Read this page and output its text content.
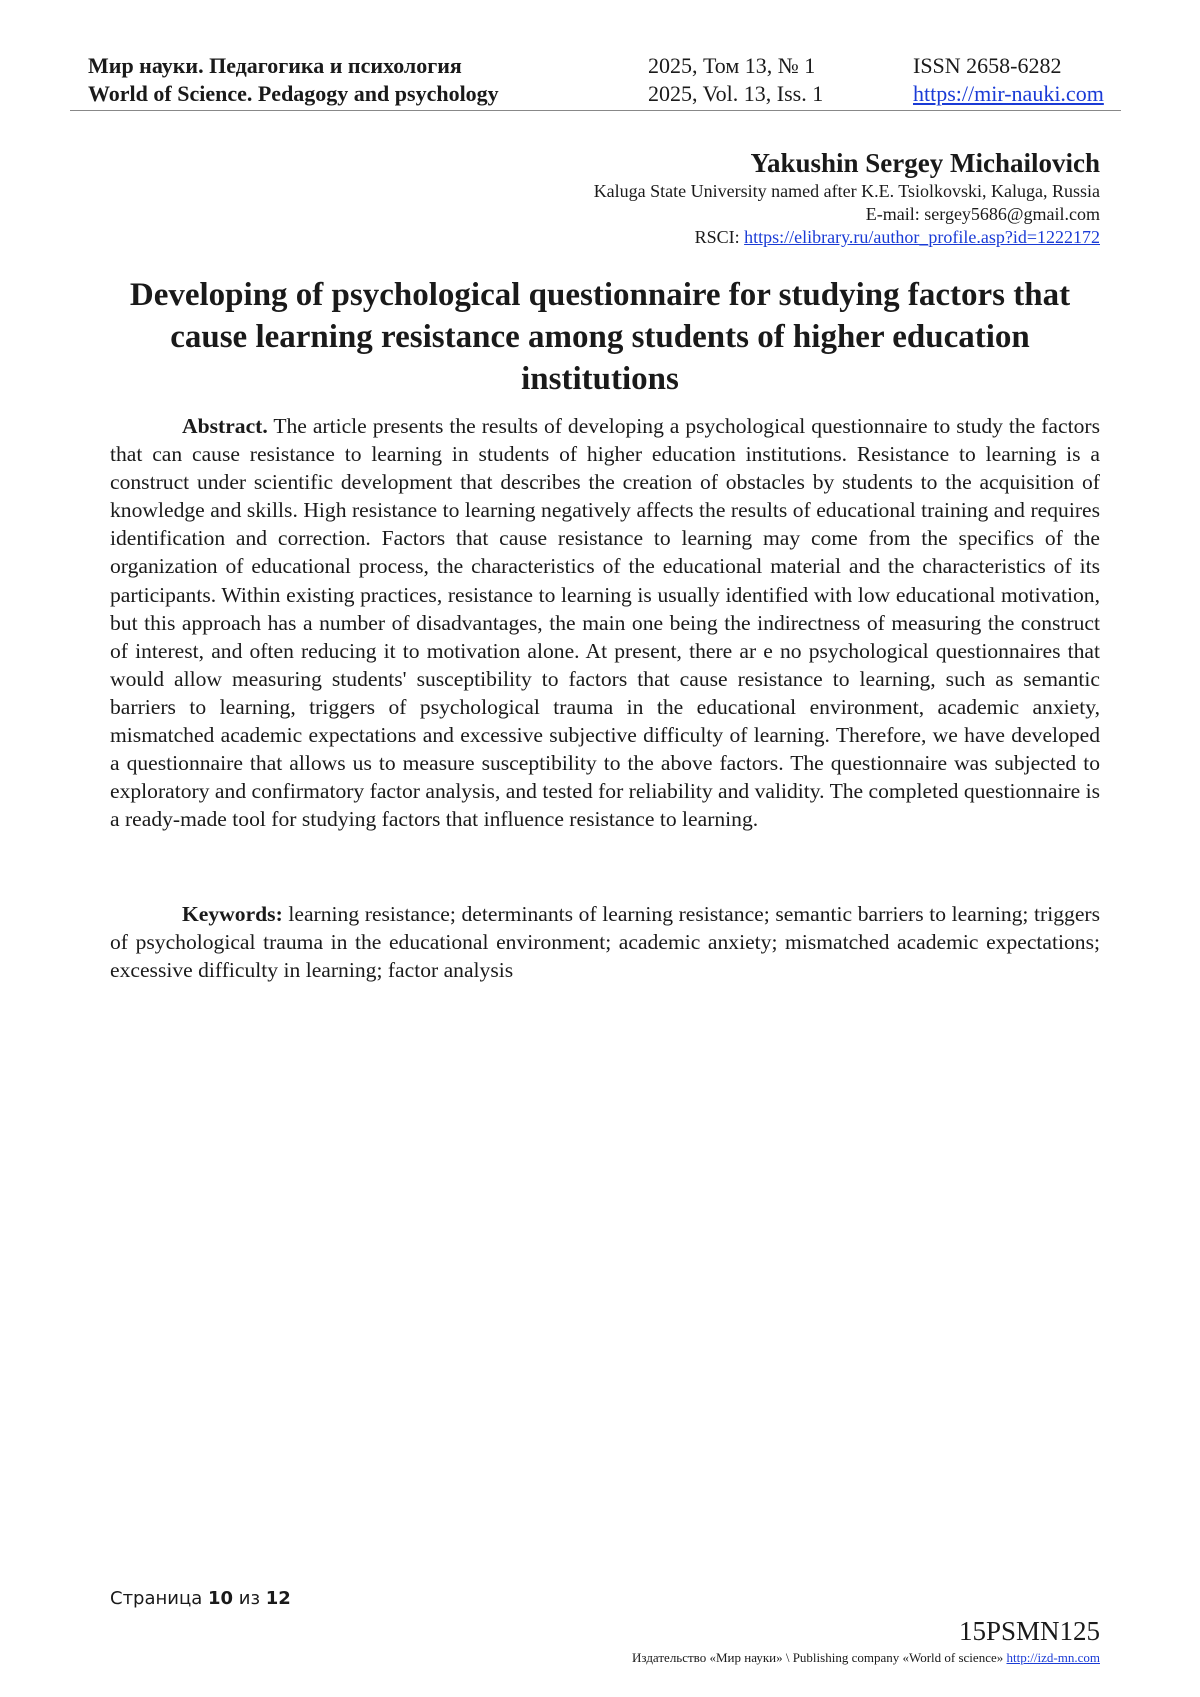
Мир науки. Педагогика и психология	2025, Том 13, № 1	ISSN 2658-6282
World of Science. Pedagogy and psychology	2025, Vol. 13, Iss. 1	https://mir-nauki.com
Yakushin Sergey Michailovich
Kaluga State University named after K.E. Tsiolkovski, Kaluga, Russia
E-mail: sergey5686@gmail.com
RSCI: https://elibrary.ru/author_profile.asp?id=1222172
Developing of psychological questionnaire for studying factors that cause learning resistance among students of higher education institutions
Abstract. The article presents the results of developing a psychological questionnaire to study the factors that can cause resistance to learning in students of higher education institutions. Resistance to learning is a construct under scientific development that describes the creation of obstacles by students to the acquisition of knowledge and skills. High resistance to learning negatively affects the results of educational training and requires identification and correction. Factors that cause resistance to learning may come from the specifics of the organization of educational process, the characteristics of the educational material and the characteristics of its participants. Within existing practices, resistance to learning is usually identified with low educational motivation, but this approach has a number of disadvantages, the main one being the indirectness of measuring the construct of interest, and often reducing it to motivation alone. At present, there ar e no psychological questionnaires that would allow measuring students' susceptibility to factors that cause resistance to learning, such as semantic barriers to learning, triggers of psychological trauma in the educational environment, academic anxiety, mismatched academic expectations and excessive subjective difficulty of learning. Therefore, we have developed a questionnaire that allows us to measure susceptibility to the above factors. The questionnaire was subjected to exploratory and confirmatory factor analysis, and tested for reliability and validity. The completed questionnaire is a ready-made tool for studying factors that influence resistance to learning.
Keywords: learning resistance; determinants of learning resistance; semantic barriers to learning; triggers of psychological trauma in the educational environment; academic anxiety; mismatched academic expectations; excessive difficulty in learning; factor analysis
Страница 10 из 12
15PSMN125
Издательство «Мир науки» \ Publishing company «World of science» http://izd-mn.com
